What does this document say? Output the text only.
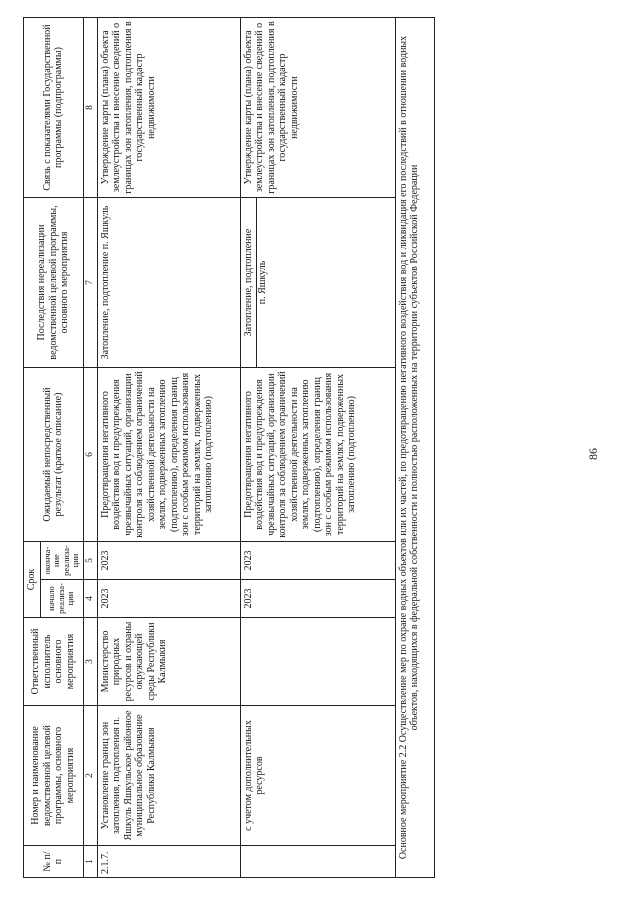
№ п/п	Номер и наименование ведомственной целевой программы, основного мероприятия	Ответственный исполнитель основного мероприятия	Срок		Ожидаемый непосредственный результат (краткое описание)	Последствия нереализации ведомственной целевой программы, основного мероприятия	Связь с показателями Государственной программы (подпрограммы)
			начало реализа-ции	оконча-ние реализа-ции			
1	2	3	4	5	6	7	8
2.1.7.	Установление границ зон затопления, подтопления п. Яшкуль Яшкульское районное муниципальное образование Республики Калмыкия	Министерство природных ресурсов и охраны окружающей среды Республики Калмыкия	2023	2023	Предотвращения негативного воздействия вод и предупреждения чрезвычайных ситуаций, организации контроля за соблюдением ограничений хозяйственной деятельности на землях, подверженных затоплению (подтоплению), определения границ зон с особым режимом использования территорий на землях, подверженных затоплению (подтоплению)	Затопление, подтопление п. Яшкуль	Утверждение карты (плана) объекта землеустройства и внесение сведений о границах зон затопления, подтопления в государственный кадастр недвижимости
	с учетом дополнительных ресурсов		2023	2023	Предотвращения негативного воздействия вод и предупреждения чрезвычайных ситуаций, организации контроля за соблюдением ограничений хозяйственной деятельности на землях, подверженных затоплению (подтоплению), определения границ зон с особым режимом использования территорий на землях, подверженных затоплению (подтоплению)	Затопление, подтопление п. Яшкуль	Утверждение карты (плана) объекта землеустройства и внесение сведений о границах зон затопления, подтопления в государственный кадастр недвижимости
Основное мероприятие 2.2 Осуществление мер по охране водных объектов или их частей, по предотвращению негативного воздействия вод и ликвидация его последствий в отношении водных объектов, находящихся в федеральной собственности и полностью расположенных на территории субъектов Российской Федерации								86
